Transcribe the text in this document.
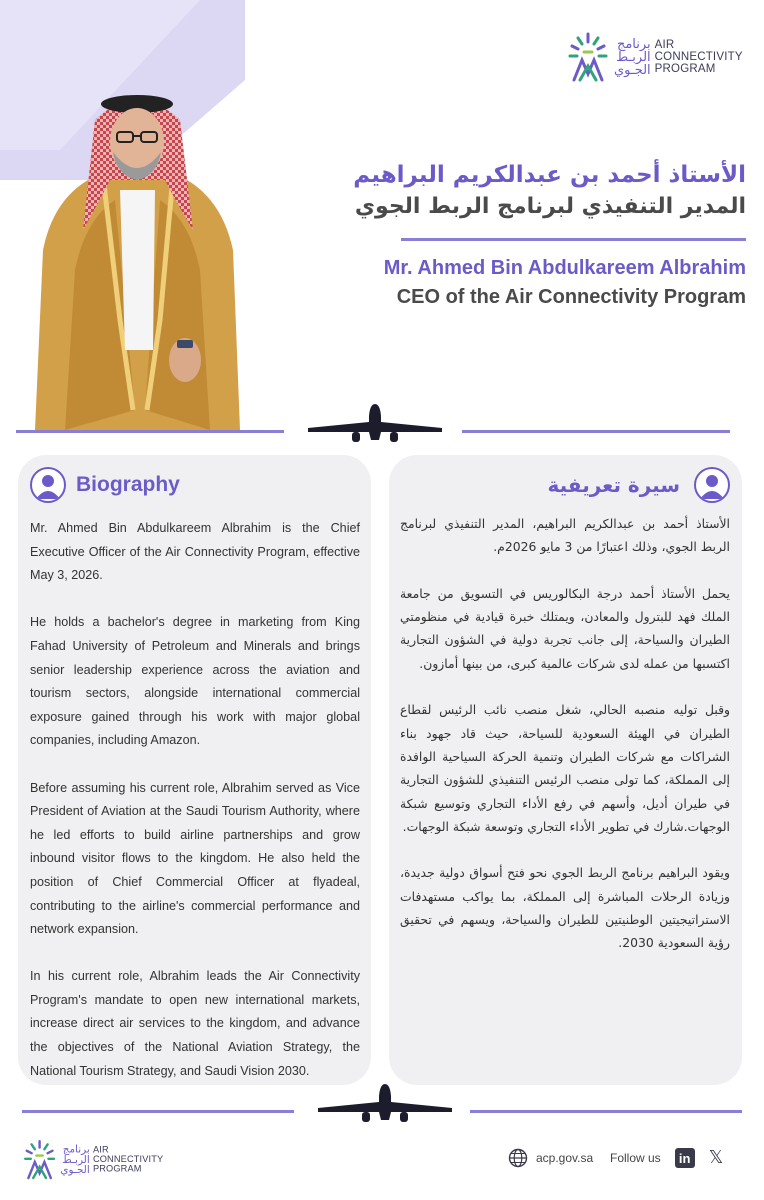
برنامج
الربـط
الجـوي
AIR
CONNECTIVITY
PROGRAM
الأستاذ أحمد بن عبدالكريم البراهيم
المدير التنفيذي لبرنامج الربط الجوي
Mr. Ahmed Bin Abdulkareem Albrahim
CEO of the Air Connectivity Program
Biography

Mr. Ahmed Bin Abdulkareem Albrahim is the Chief Executive Officer of the Air Connectivity Program, effective May 3, 2026.

He holds a bachelor's degree in marketing from King Fahad University of Petroleum and Minerals and brings senior leadership experience across the aviation and tourism sectors, alongside international commercial exposure gained through his work with major global companies, including Amazon.

Before assuming his current role, Albrahim served as Vice President of Aviation at the Saudi Tourism Authority, where he led efforts to build airline partnerships and grow inbound visitor flows to the kingdom. He also held the position of Chief Commercial Officer at flyadeal, contributing to the airline's commercial performance and network expansion.

In his current role, Albrahim leads the Air Connectivity Program's mandate to open new international markets, increase direct air services to the kingdom, and advance the objectives of the National Aviation Strategy, the National Tourism Strategy, and Saudi Vision 2030.

سيرة تعريفية

الأستاذ أحمد بن عبدالكريم البراهيم، المدير التنفيذي لبرنامج الربط الجوي، وذلك اعتبارًا من 3 مايو 2026م.

يحمل الأستاذ أحمد درجة البكالوريس في التسويق من جامعة الملك فهد للبترول والمعادن، ويمتلك خبرة قيادية في منظومتي الطيران والسياحة، إلى جانب تجربة دولية في الشؤون التجارية اكتسبها من عمله لدى شركات عالمية كبرى، من بينها أمازون.

وقبل توليه منصبه الحالي، شغل منصب نائب الرئيس لقطاع الطيران في الهيئة السعودية للسياحة، حيث قاد جهود بناء الشراكات مع شركات الطيران وتنمية الحركة السياحية الوافدة إلى المملكة، كما تولى منصب الرئيس التنفيذي للشؤون التجارية في طيران أديل، وأسهم في رفع الأداء التجاري وتوسيع شبكة الوجهات.شارك في تطوير الأداء التجاري وتوسعة شبكة الوجهات.

ويقود البراهيم برنامج الربط الجوي نحو فتح أسواق دولية جديدة، وزيادة الرحلات المباشرة إلى المملكة، بما يواكب مستهدفات الاستراتيجيتين الوطنيتين للطيران والسياحة، ويسهم في تحقيق رؤية السعودية 2030.

برنامج
الربـط
الجـوي
AIR
CONNECTIVITY
PROGRAM
acp.gov.sa Follow us	in 𝕏
